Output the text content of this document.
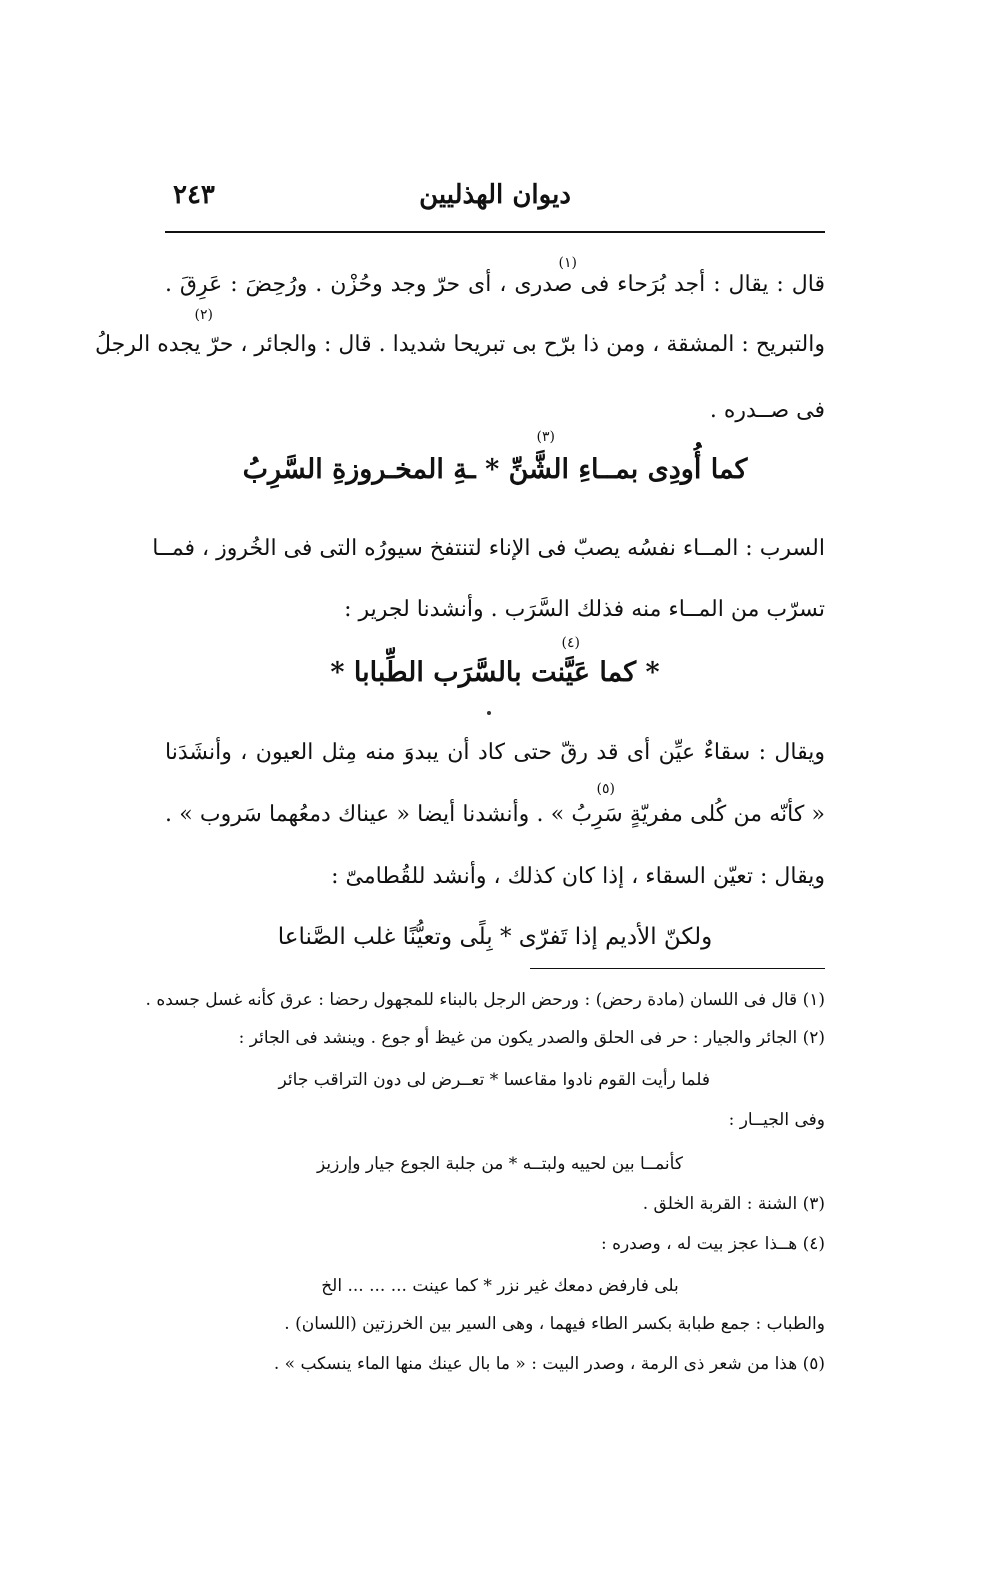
ديوان الهذليين
٢٤٣
قال : يقال : أجد بُرَحاء فى صدرى ، أى حرّ وجد وحُزْن . ورُحِضَ : عَرِقَ .
والتبريح : المشقة ، ومن ذا برّح بى تبريحا شديدا . قال : والجائر ، حرّ يجده الرجلُ
فى صــدره .
كما أُودِى بمــاءِ الشَّنِّ * ـةِ المخـروزةِ السَّرِبُ
السرب : المــاء نفسُه يصبّ فى الإناء لتنتفخ سيورُه التى فى الخُروز ، فمــا
تسرّب من المــاء منه فذلك السَّرَب . وأنشدنا لجرير :
* كما عَيَّنت بالسَّرَب الطِّبابا *
ويقال : سقاءٌ عيِّن أى قد رقّ حتى كاد أن يبدوَ منه مِثل العيون ، وأنشَدَنا
« كأنّه من كُلى مفريّةٍ سَرِبُ » . وأنشدنا أيضا « عيناك دمعُهما سَروب » .
ويقال : تعيّن السقاء ، إذا كان كذلك ، وأنشد للقُطامىّ :
ولكنّ الأديم إذا تَفرّى * بِلًى وتعيُّنًا غلب الصَّناعا
(١)
(٢)
(٣)
(٤)
(٥)
(١) قال فى اللسان (مادة رحض) : ورحض الرجل بالبناء للمجهول رحضا : عرق كأنه غسل جسده .
(٢) الجائر والجيار : حر فى الحلق والصدر يكون من غيظ أو جوع . وينشد فى الجائر :
فلما رأيت القوم نادوا مقاعسا * تعــرض لى دون التراقب جائر
وفى الجيــار :
كأنمــا بين لحييه ولبتــه * من جلبة الجوع جيار وإرزيز
(٣) الشنة : القربة الخلق .
(٤) هــذا عجز بيت له ، وصدره :
بلى فارفض دمعك غير نزر * كما عينت ... ... ... الخ
والطباب : جمع طبابة بكسر الطاء فيهما ، وهى السير بين الخرزتين (اللسان) .
(٥) هذا من شعر ذى الرمة ، وصدر البيت : « ما بال عينك منها الماء ينسكب » .
